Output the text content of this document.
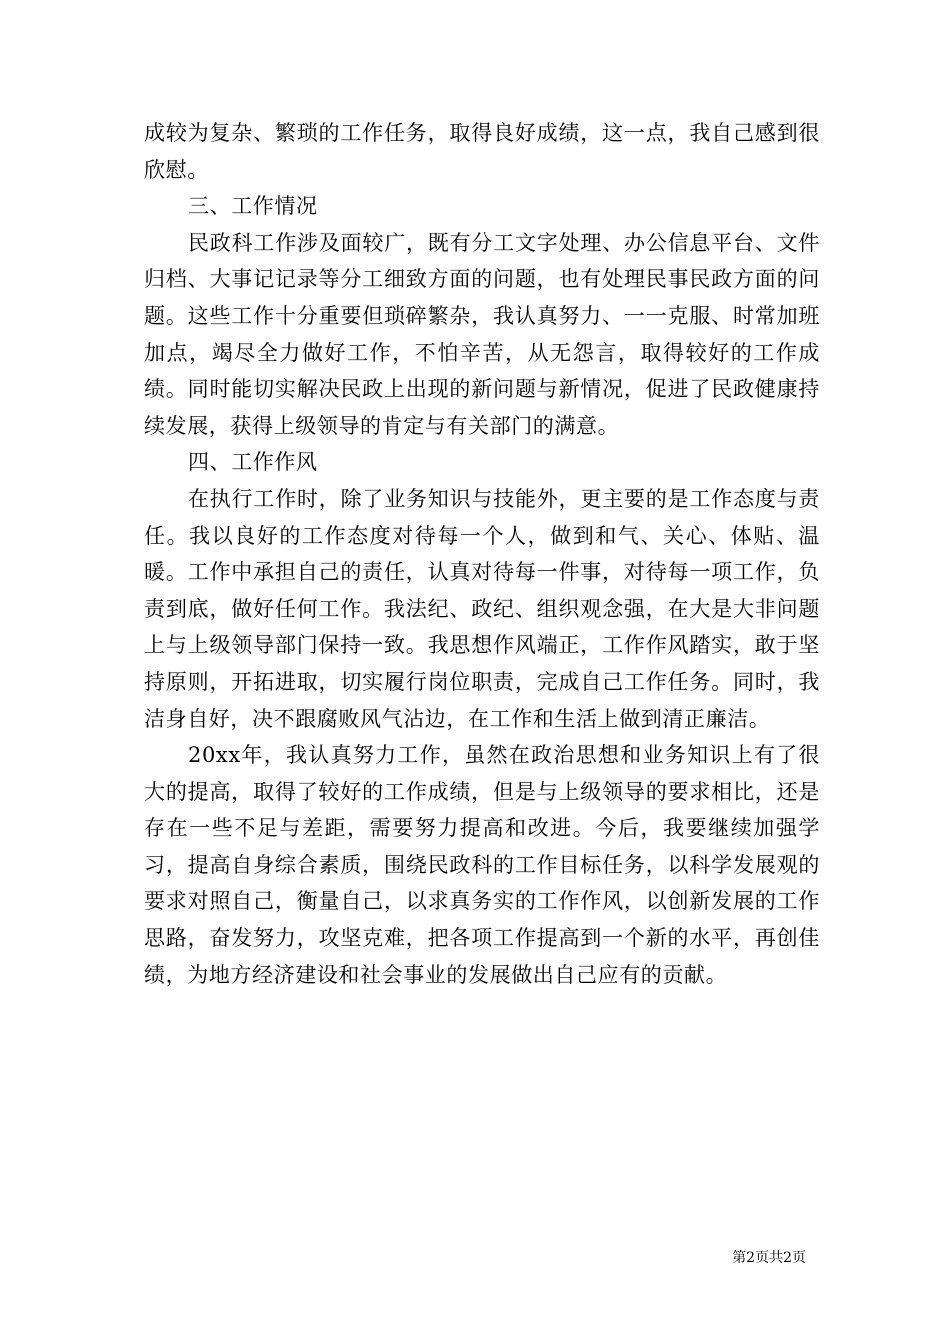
成较为复杂、繁琐的工作任务，取得良好成绩，这一点，我自己感到很欣慰。

三、工作情况

民政科工作涉及面较广，既有分工文字处理、办公信息平台、文件归档、大事记记录等分工细致方面的问题，也有处理民事民政方面的问题。这些工作十分重要但琐碎繁杂，我认真努力、一一克服、时常加班加点，竭尽全力做好工作，不怕辛苦，从无怨言，取得较好的工作成绩。同时能切实解决民政上出现的新问题与新情况，促进了民政健康持续发展，获得上级领导的肯定与有关部门的满意。

四、工作作风

在执行工作时，除了业务知识与技能外，更主要的是工作态度与责任。我以良好的工作态度对待每一个人，做到和气、关心、体贴、温暖。工作中承担自己的责任，认真对待每一件事，对待每一项工作，负责到底，做好任何工作。我法纪、政纪、组织观念强，在大是大非问题上与上级领导部门保持一致。我思想作风端正，工作作风踏实，敢于坚持原则，开拓进取，切实履行岗位职责，完成自己工作任务。同时，我洁身自好，决不跟腐败风气沾边，在工作和生活上做到清正廉洁。

20xx年，我认真努力工作，虽然在政治思想和业务知识上有了很大的提高，取得了较好的工作成绩，但是与上级领导的要求相比，还是存在一些不足与差距，需要努力提高和改进。今后，我要继续加强学习，提高自身综合素质，围绕民政科的工作目标任务，以科学发展观的要求对照自己，衡量自己，以求真务实的工作作风，以创新发展的工作思路，奋发努力，攻坚克难，把各项工作提高到一个新的水平，再创佳绩，为地方经济建设和社会事业的发展做出自己应有的贡献。

第2页共2页
